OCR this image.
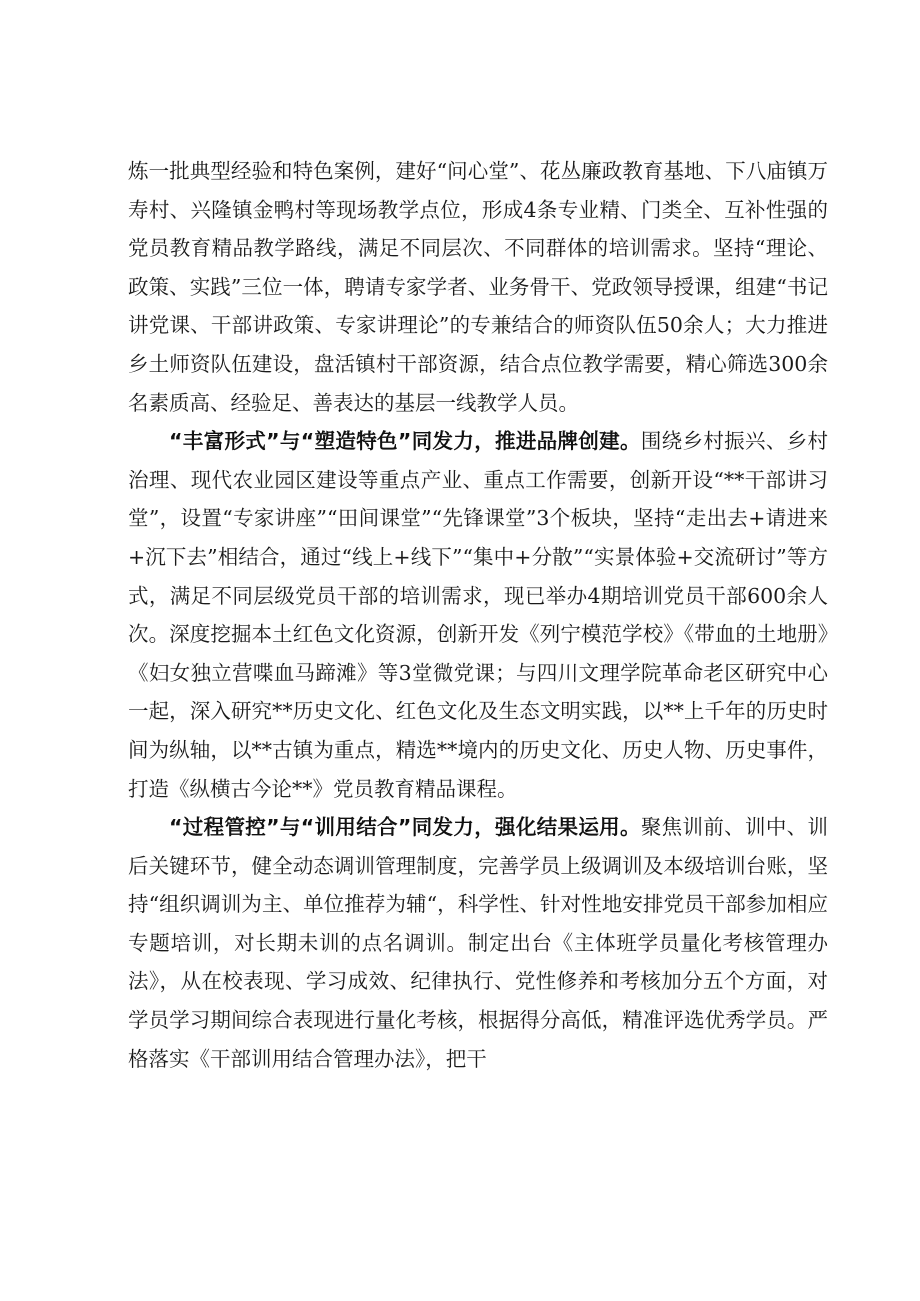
炼一批典型经验和特色案例，建好“问心堂”、花丛廉政教育基地、下八庙镇万寿村、兴隆镇金鸭村等现场教学点位，形成4条专业精、门类全、互补性强的党员教育精品教学路线，满足不同层次、不同群体的培训需求。坚持“理论、政策、实践”三位一体，聘请专家学者、业务骨干、党政领导授课，组建“书记讲党课、干部讲政策、专家讲理论”的专兼结合的师资队伍50余人；大力推进乡土师资队伍建设，盘活镇村干部资源，结合点位教学需要，精心筛选300余名素质高、经验足、善表达的基层一线教学人员。

“丰富形式”与“塑造特色”同发力，推进品牌创建。围绕乡村振兴、乡村治理、现代农业园区建设等重点产业、重点工作需要，创新开设“**干部讲习堂”，设置“专家讲座”“田间课堂”“先锋课堂”3个板块，坚持“走出去+请进来+沉下去”相结合，通过“线上+线下”“集中+分散”“实景体验+交流研讨”等方式，满足不同层级党员干部的培训需求，现已举办4期培训党员干部600余人次。深度挖掘本土红色文化资源，创新开发《列宁模范学校》《带血的土地册》《妇女独立营喋血马蹄滩》等3堂微党课；与四川文理学院革命老区研究中心一起，深入研究**历史文化、红色文化及生态文明实践，以**上千年的历史时间为纵轴，以**古镇为重点，精选**境内的历史文化、历史人物、历史事件，打造《纵横古今论**》党员教育精品课程。

“过程管控”与“训用结合”同发力，强化结果运用。聚焦训前、训中、训后关键环节，健全动态调训管理制度，完善学员上级调训及本级培训台账，坚持“组织调训为主、单位推荐为辅“，科学性、针对性地安排党员干部参加相应专题培训，对长期未训的点名调训。制定出台《主体班学员量化考核管理办法》，从在校表现、学习成效、纪律执行、党性修养和考核加分五个方面，对学员学习期间综合表现进行量化考核，根据得分高低，精准评选优秀学员。严格落实《干部训用结合管理办法》，把干
